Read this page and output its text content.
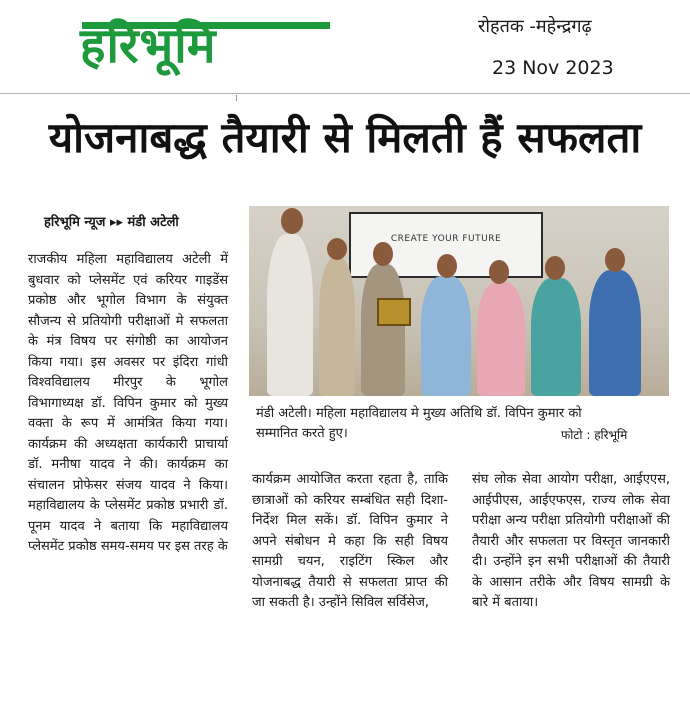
हरिभूमि	रोहतक -महेन्द्रगढ़
23 Nov 2023
योजनाबद्ध तैयारी से मिलती हैं सफलता
हरिभूमि न्यूज ▸▸ मंडी अटेली

राजकीय महिला महाविद्यालय अटेली में बुधवार को प्लेसमेंट एवं करियर गाइडेंस प्रकोष्ठ और भूगोल विभाग के संयुक्त सौजन्य से प्रतियोगी परीक्षाओं मे सफलता के मंत्र विषय पर संगोष्ठी का आयोजन किया गया। इस अवसर पर इंदिरा गांधी विश्वविद्यालय मीरपुर के भूगोल विभागाध्यक्ष डॉ. विपिन कुमार को मुख्य वक्ता के रूप में आमंत्रित किया गया। कार्यक्रम की अध्यक्षता कार्यकारी प्राचार्या डॉ. मनीषा यादव ने की। कार्यक्रम का संचालन प्रोफेसर संजय यादव ने किया। महाविद्यालय के प्लेसमेंट प्रकोष्ठ प्रभारी डॉ. पूनम यादव ने बताया कि महाविद्यालय प्लेसमेंट प्रकोष्ठ समय-समय पर इस तरह के

कार्यक्रम आयोजित करता रहता है, ताकि छात्राओं को करियर सम्बंधित सही दिशा-निर्देश मिल सकें। डॉ. विपिन कुमार ने अपने संबोधन मे कहा कि सही विषय सामग्री चयन, राइटिंग स्किल और योजनाबद्ध तैयारी से सफलता प्राप्त की जा सकती है। उन्होंने सिविल सर्विसेज,

संघ लोक सेवा आयोग परीक्षा, आईएएस, आईपीएस, आईएफएस, राज्य लोक सेवा परीक्षा अन्य परीक्षा प्रतियोगी परीक्षाओं की तैयारी और सफलता पर विस्तृत जानकारी दी। उन्होंने इन सभी परीक्षाओं की तैयारी के आसान तरीके और विषय सामग्री के बारे में बताया।

CREATE YOUR FUTURE
मंडी अटेली। महिला महाविद्यालय मे मुख्य अतिथि डॉ. विपिन कुमार को सम्मानित करते हुए।	फोटो : हरिभूमि
